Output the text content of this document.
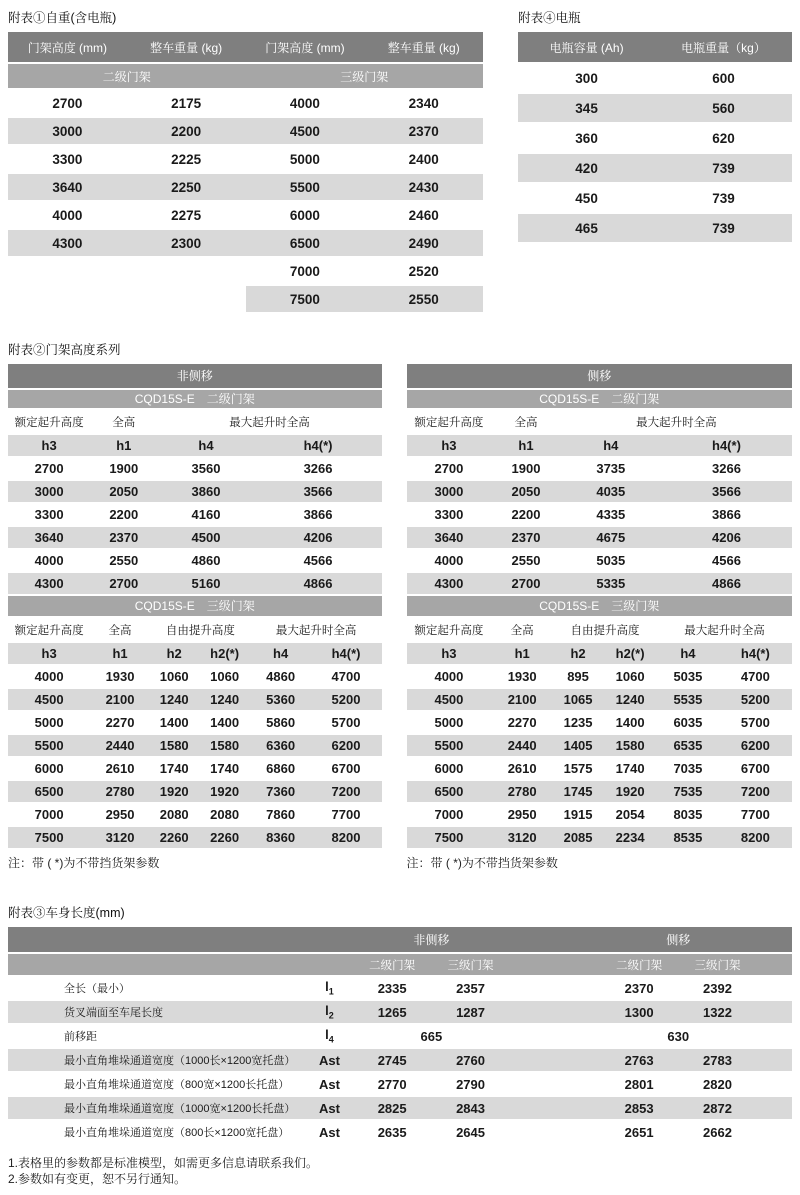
附表①自重(含电瓶)
门架高度 (mm)	整车重量 (kg)	门架高度 (mm)	整车重量 (kg)
二级门架		三级门架	
2700	2175	4000	2340
3000	2200	4500	2370
3300	2225	5000	2400
3640	2250	5500	2430
4000	2275	6000	2460
4300	2300	6500	2490
		7000	2520
		7500	2550
附表④电瓶
电瓶容量 (Ah)	电瓶重量（kg）
300	600
345	560
360	620
420	739
450	739
465	739
附表②门架高度系列
非侧移
CQD15S-E　二级门架
额定起升高度	全高	最大起升时全高	
h3	h1	h4	h4(*)
2700	1900	3560	3266
3000	2050	3860	3566
3300	2200	4160	3866
3640	2370	4500	4206
4000	2550	4860	4566
4300	2700	5160	4866
CQD15S-E　三级门架
额定起升高度	全高	自由提升高度		最大起升时全高	
h3	h1	h2	h2(*)	h4	h4(*)
4000	1930	1060	1060	4860	4700
4500	2100	1240	1240	5360	5200
5000	2270	1400	1400	5860	5700
5500	2440	1580	1580	6360	6200
6000	2610	1740	1740	6860	6700
6500	2780	1920	1920	7360	7200
7000	2950	2080	2080	7860	7700
7500	3120	2260	2260	8360	8200
注：带 ( *)为不带挡货架参数
侧移
CQD15S-E　二级门架
额定起升高度	全高	最大起升时全高	
h3	h1	h4	h4(*)
2700	1900	3735	3266
3000	2050	4035	3566
3300	2200	4335	3866
3640	2370	4675	4206
4000	2550	5035	4566
4300	2700	5335	4866
CQD15S-E　三级门架
额定起升高度	全高	自由提升高度		最大起升时全高	
h3	h1	h2	h2(*)	h4	h4(*)
4000	1930	895	1060	5035	4700
4500	2100	1065	1240	5535	5200
5000	2270	1235	1400	6035	5700
5500	2440	1405	1580	6535	6200
6000	2610	1575	1740	7035	6700
6500	2780	1745	1920	7535	7200
7000	2950	1915	2054	8035	7700
7500	3120	2085	2234	8535	8200
注：带 ( *)为不带挡货架参数
附表③车身长度(mm)
		非侧移			侧移		
		二级门架	三级门架		二级门架	三级门架	
全长（最小）	$l_1$	2335	2357		2370	2392	
货叉端面至车尾长度	$l_2$	1265	1287		1300	1322	
前移距	$l_4$	665			630		
最小直角堆垛通道宽度（1000长×1200宽托盘）	Ast	2745	2760		2763	2783	
最小直角堆垛通道宽度（800宽×1200长托盘）	Ast	2770	2790		2801	2820	
最小直角堆垛通道宽度（1000宽×1200长托盘）	Ast	2825	2843		2853	2872	
最小直角堆垛通道宽度（800长×1200宽托盘）	Ast	2635	2645		2651	2662	
1.表格里的参数都是标准模型，如需更多信息请联系我们。
2.参数如有变更，恕不另行通知。
